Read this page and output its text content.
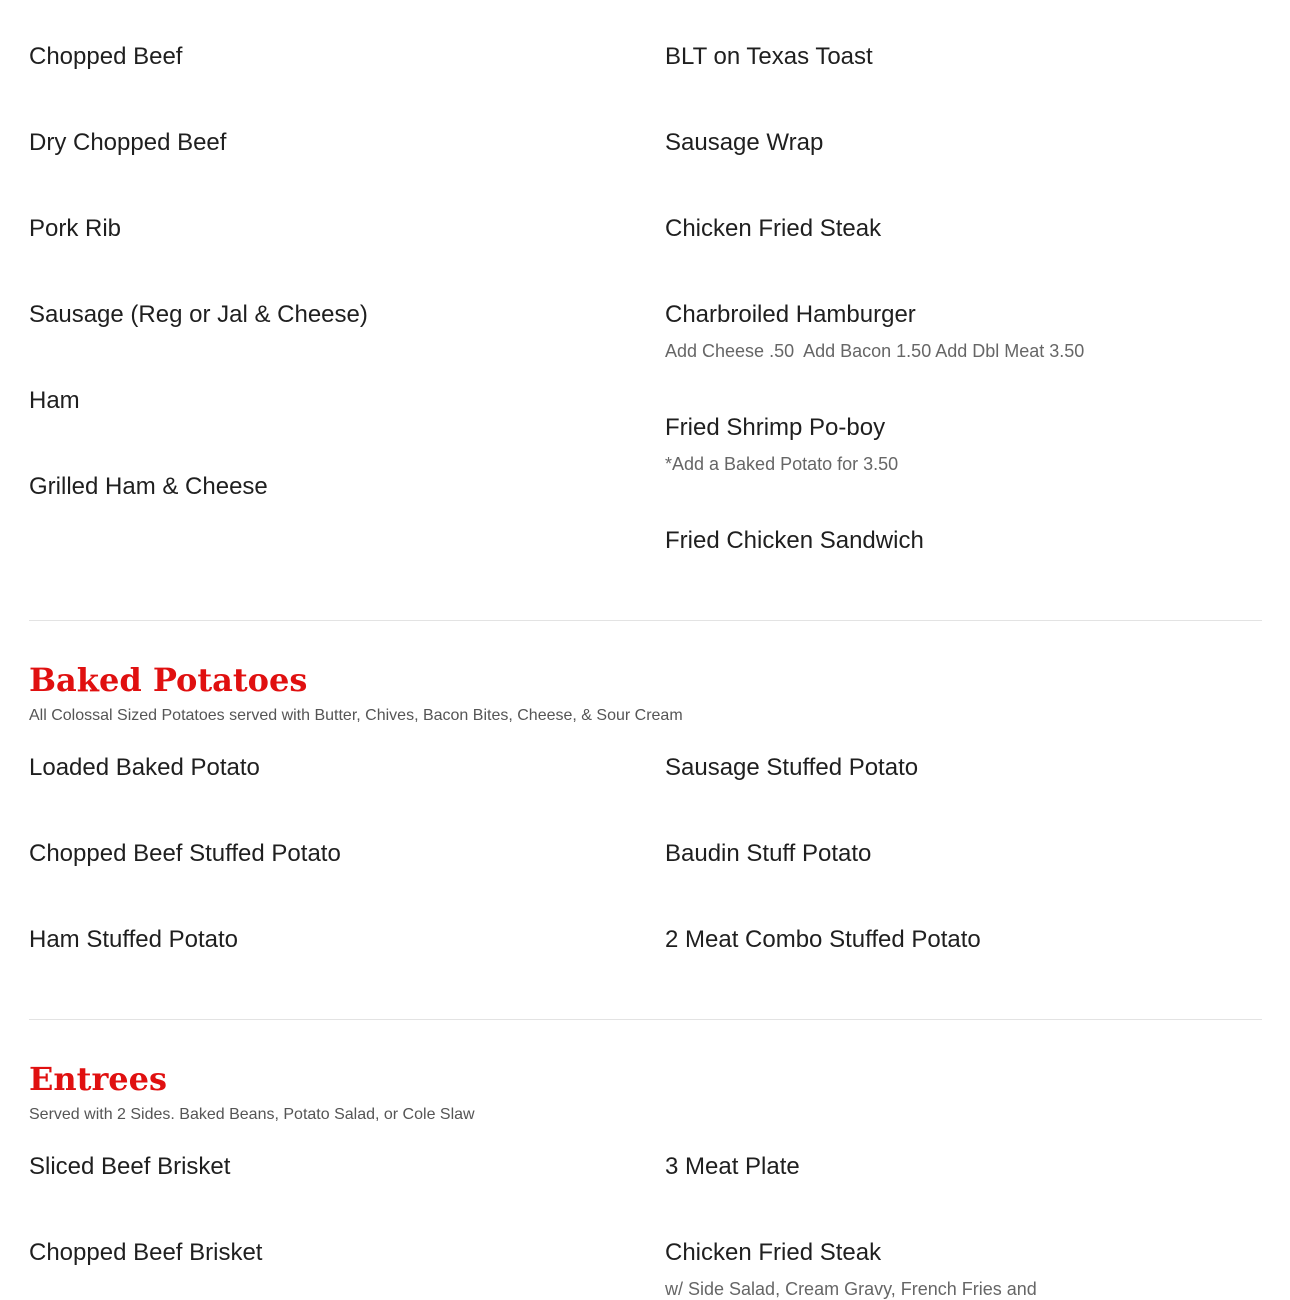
Chopped Beef
Dry Chopped Beef
Pork Rib
Sausage (Reg or Jal & Cheese)
Ham
Grilled Ham & Cheese
BLT on Texas Toast
Sausage Wrap
Chicken Fried Steak
Charbroiled Hamburger
Add Cheese .50  Add Bacon 1.50 Add Dbl Meat 3.50
Fried Shrimp Po-boy
*Add a Baked Potato for 3.50
Fried Chicken Sandwich
Baked Potatoes
All Colossal Sized Potatoes served with Butter, Chives, Bacon Bites, Cheese, & Sour Cream
Loaded Baked Potato
Chopped Beef Stuffed Potato
Ham Stuffed Potato
Sausage Stuffed Potato
Baudin Stuff Potato
2 Meat Combo Stuffed Potato
Entrees
Served with 2 Sides. Baked Beans, Potato Salad, or Cole Slaw
Sliced Beef Brisket
Chopped Beef Brisket
3 Meat Plate
Chicken Fried Steak
w/ Side Salad, Cream Gravy, French Fries and
